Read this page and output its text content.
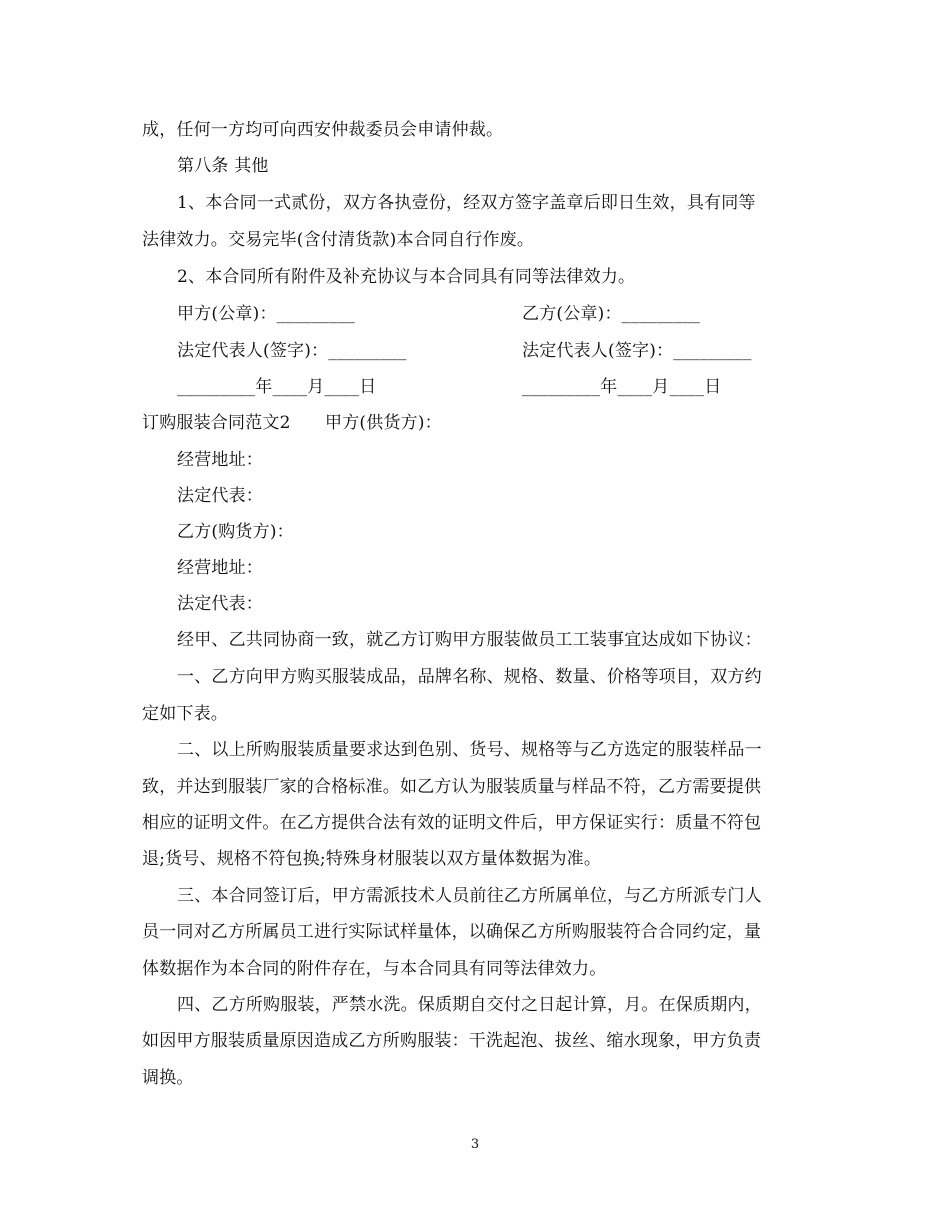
成，任何一方均可向西安仲裁委员会申请仲裁。
第八条 其他
1、本合同一式贰份，双方各执壹份，经双方签字盖章后即日生效，具有同等
法律效力。交易完毕(含付清货款)本合同自行作废。
2、本合同所有附件及补充协议与本合同具有同等法律效力。
甲方(公章)：_________	乙方(公章)：_________
法定代表人(签字)：_________	法定代表人(签字)：_________
_________年____月____日	_________年____月____日
订购服装合同范文2　　甲方(供货方)：
经营地址：
法定代表：
乙方(购货方)：
经营地址：
法定代表：
经甲、乙共同协商一致，就乙方订购甲方服装做员工工装事宜达成如下协议：
一、乙方向甲方购买服装成品，品牌名称、规格、数量、价格等项目，双方约
定如下表。
二、以上所购服装质量要求达到色别、货号、规格等与乙方选定的服装样品一
致，并达到服装厂家的合格标准。如乙方认为服装质量与样品不符，乙方需要提供
相应的证明文件。在乙方提供合法有效的证明文件后，甲方保证实行：质量不符包
退;货号、规格不符包换;特殊身材服装以双方量体数据为准。
三、本合同签订后，甲方需派技术人员前往乙方所属单位，与乙方所派专门人
员一同对乙方所属员工进行实际试样量体，以确保乙方所购服装符合合同约定，量
体数据作为本合同的附件存在，与本合同具有同等法律效力。
四、乙方所购服装，严禁水洗。保质期自交付之日起计算，月。在保质期内，
如因甲方服装质量原因造成乙方所购服装：干洗起泡、拔丝、缩水现象，甲方负责
调换。
3
